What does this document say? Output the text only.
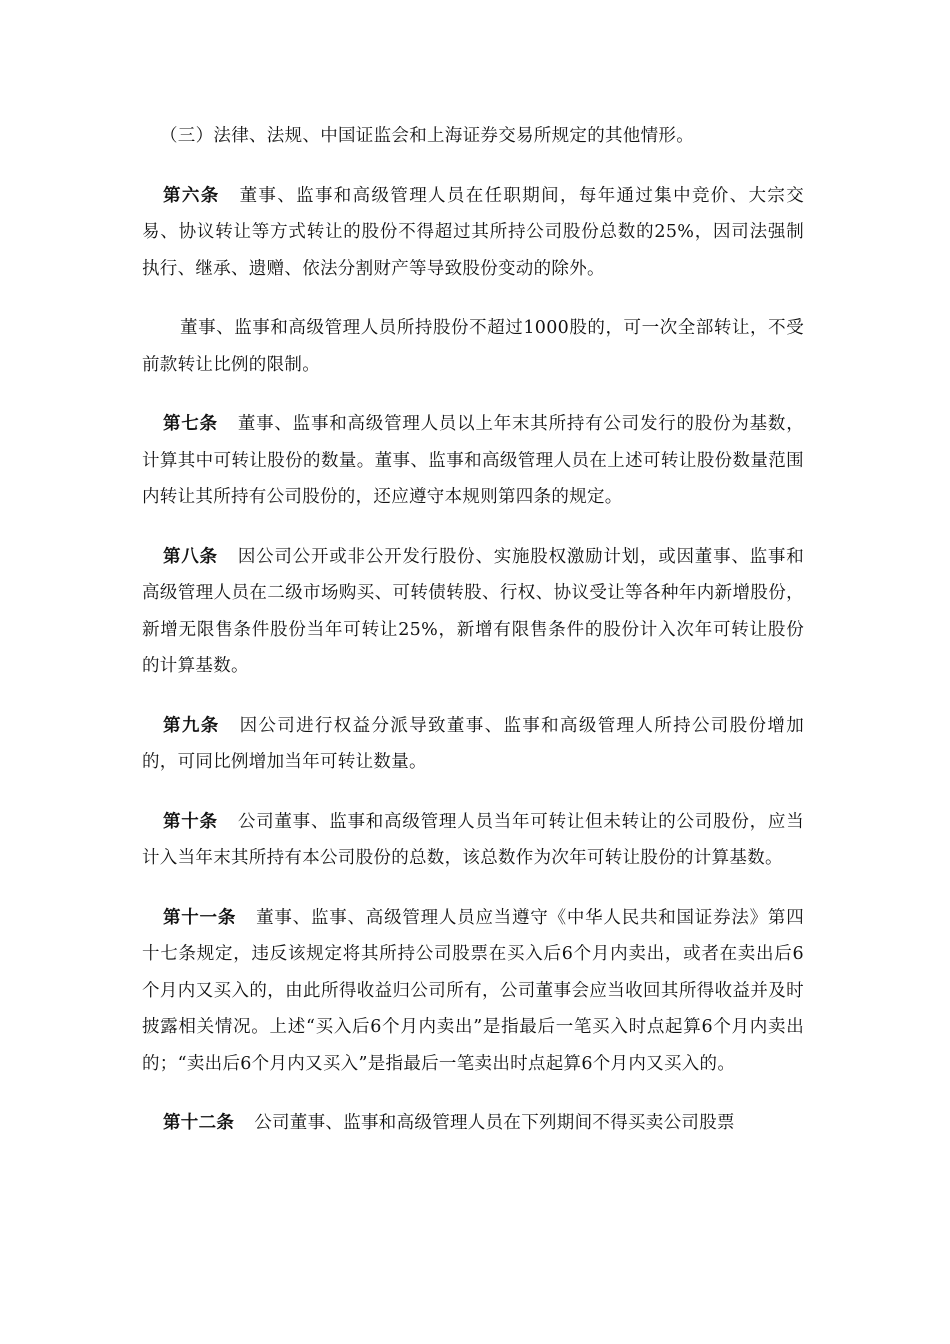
（三）法律、法规、中国证监会和上海证券交易所规定的其他情形。

第六条 董事、监事和高级管理人员在任职期间，每年通过集中竞价、大宗交易、协议转让等方式转让的股份不得超过其所持公司股份总数的25%，因司法强制执行、继承、遗赠、依法分割财产等导致股份变动的除外。

董事、监事和高级管理人员所持股份不超过1000股的，可一次全部转让，不受前款转让比例的限制。

第七条 董事、监事和高级管理人员以上年末其所持有公司发行的股份为基数，计算其中可转让股份的数量。董事、监事和高级管理人员在上述可转让股份数量范围内转让其所持有公司股份的，还应遵守本规则第四条的规定。

第八条 因公司公开或非公开发行股份、实施股权激励计划，或因董事、监事和高级管理人员在二级市场购买、可转债转股、行权、协议受让等各种年内新增股份，新增无限售条件股份当年可转让25%，新增有限售条件的股份计入次年可转让股份的计算基数。

第九条 因公司进行权益分派导致董事、监事和高级管理人所持公司股份增加的，可同比例增加当年可转让数量。

第十条 公司董事、监事和高级管理人员当年可转让但未转让的公司股份，应当计入当年末其所持有本公司股份的总数，该总数作为次年可转让股份的计算基数。

第十一条 董事、监事、高级管理人员应当遵守《中华人民共和国证券法》第四十七条规定，违反该规定将其所持公司股票在买入后6个月内卖出，或者在卖出后6个月内又买入的，由此所得收益归公司所有，公司董事会应当收回其所得收益并及时披露相关情况。上述“买入后6个月内卖出”是指最后一笔买入时点起算6个月内卖出的；“卖出后6个月内又买入”是指最后一笔卖出时点起算6个月内又买入的。

第十二条 公司董事、监事和高级管理人员在下列期间不得买卖公司股票
